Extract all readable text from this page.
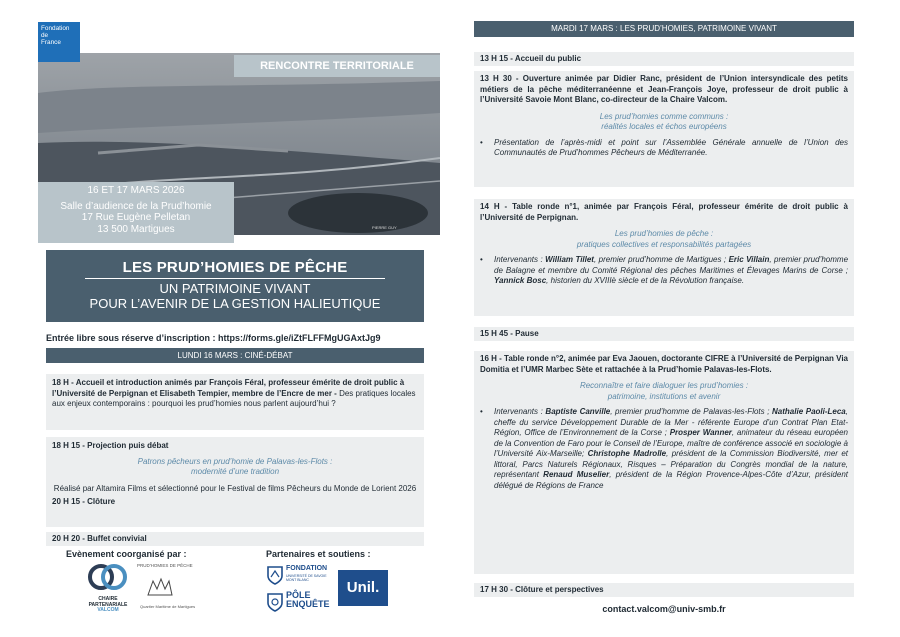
Fondation
de
France
RENCONTRE TERRITORIALE
16 ET 17 MARS 2026
Salle d’audience de la Prud’homie
17 Rue Eugène Pelletan
13 500 Martigues	PIERRE GUY
LES PRUD’HOMIES DE PÊCHE
UN PATRIMOINE VIVANT
POUR L’AVENIR DE LA GESTION HALIEUTIQUE
Entrée libre sous réserve d’inscription : https://forms.gle/iZtFLFFMgUGAxtJg9
LUNDI 16 MARS : CINÉ-DÉBAT
18 H - Accueil et introduction animés par François Féral, professeur émérite de droit public à l’Université de Perpignan et Elisabeth Tempier, membre de l’Encre de mer - Des pratiques locales aux enjeux contemporains : pourquoi les prud’homies nous parlent aujourd’hui ?
18 H 15 - Projection puis débat
Patrons pêcheurs en prud’homie de Palavas-les-Flots :
modernité d’une tradition
Réalisé par Altamira Films et sélectionné pour le Festival de films Pêcheurs du Monde de Lorient 2026
20 H 15 - Clôture
20 H 20 - Buffet convivial
Evènement coorganisé par :	Partenaires et soutiens :
CHAIRE
PARTENARIALE
VALCOM
PRUD'HOMIES DE PÊCHE
Quartier Maritime de Martigues
FONDATION
UNIVERSITÉ DE SAVOIE
MONT BLANC
PÔLE
ENQUÊTE
Unil.
MARDI 17 MARS : LES PRUD’HOMIES, PATRIMOINE VIVANT
13 H 15 - Accueil du public
13 H 30 - Ouverture animée par Didier Ranc, président de l’Union intersyndicale des petits métiers de la pêche méditerranéenne et Jean-François Joye, professeur de droit public à l’Université Savoie Mont Blanc, co-directeur de la Chaire Valcom.
Les prud’homies comme communs :
réalités locales et échos européens
•	Présentation de l’après-midi et point sur l’Assemblée Générale annuelle de l’Union des Communautés de Prud’hommes Pêcheurs de Méditerranée.
14 H - Table ronde n°1, animée par François Féral, professeur émérite de droit public à l’Université de Perpignan.
Les prud’homies de pêche :
pratiques collectives et responsabilités partagées
•	Intervenants : William Tillet, premier prud’homme de Martigues ; Eric Villain, premier prud’homme de Balagne et membre du Comité Régional des pêches Maritimes et Élevages Marins de Corse ; Yannick Bosc, historien du XVIIIè siècle et de la Révolution française.
15 H 45 - Pause
16 H - Table ronde n°2, animée par Eva Jaouen, doctorante CIFRE à l’Université de Perpignan Via Domitia et l’UMR Marbec Sète et rattachée à la Prud’homie Palavas-les-Flots.
Reconnaître et faire dialoguer les prud’homies :
patrimoine, institutions et avenir
•	Intervenants : Baptiste Canville, premier prud’homme de Palavas-les-Flots ; Nathalie Paoli-Leca, cheffe du service Développement Durable de la Mer - référente Europe d’un Contrat Plan Etat-Région, Office de l’Environnement de la Corse ; Prosper Wanner, animateur du réseau européen de la Convention de Faro pour le Conseil de l’Europe, maître de conférence associé en sociologie à l’Université Aix-Marseille; Christophe Madrolle, président de la Commission Biodiversité, mer et littoral, Parcs Naturels Régionaux, Risques – Préparation du Congrès mondial de la nature, représentant Renaud Muselier, président de la Région Provence-Alpes-Côte d’Azur, président délégué de Régions de France
17 H 30 - Clôture et perspectives
contact.valcom@univ-smb.fr
